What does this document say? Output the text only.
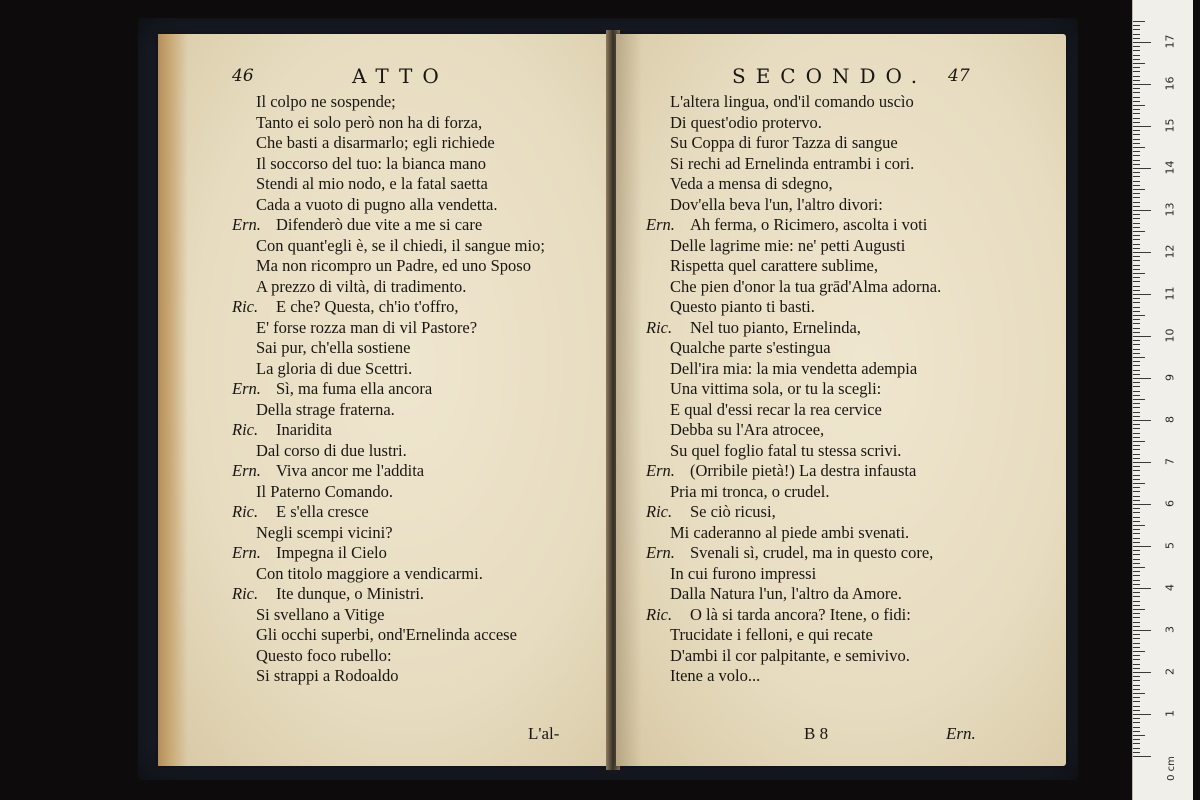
46	ATTO
Il colpo ne sospende;
Tanto ei solo però non ha di forza,
Che basti a disarmarlo; egli richiede
Il soccorso del tuo: la bianca mano
Stendi al mio nodo, e la fatal saetta
Cada a vuoto di pugno alla vendetta.
Ern. Difenderò due vite a me si care
Con quant'egli è, se il chiedi, il sangue mio;
Ma non ricompro un Padre, ed uno Sposo
A prezzo di viltà, di tradimento.
Ric. E che? Questa, ch'io t'offro,
E' forse rozza man di vil Pastore?
Sai pur, ch'ella sostiene
La gloria di due Scettri.
Ern. Sì, ma fuma ella ancora
Della strage fraterna.
Ric. Inaridita
Dal corso di due lustri.
Ern. Viva ancor me l'addita
Il Paterno Comando.
Ric. E s'ella cresce
Negli scempi vicini?
Ern. Impegna il Cielo
Con titolo maggiore a vendicarmi.
Ric. Ite dunque, o Ministri.
Si svellano a Vitige
Gli occhi superbi, ond'Ernelinda accese
Questo foco rubello:
Si strappi a Rodoaldo
L'al-
SECONDO. 47
L'altera lingua, ond'il comando uscìo
Di quest'odio protervo.
Su Coppa di furor Tazza di sangue
Si rechi ad Ernelinda entrambi i cori.
Veda a mensa di sdegno,
Dov'ella beva l'un, l'altro divori:
Ern. Ah ferma, o Ricimero, ascolta i voti
Delle lagrime mie: ne' petti Augusti
Rispetta quel carattere sublime,
Che pien d'onor la tua grād'Alma adorna.
Questo pianto ti basti.
Ric. Nel tuo pianto, Ernelinda,
Qualche parte s'estingua
Dell'ira mia: la mia vendetta adempia
Una vittima sola, or tu la scegli:
E qual d'essi recar la rea cervice
Debba su l'Ara atrocee,
Su quel foglio fatal tu stessa scrivi.
Ern. (Orribile pietà!) La destra infausta
Pria mi tronca, o crudel.
Ric. Se ciò ricusi,
Mi caderanno al piede ambi svenati.
Ern. Svenali sì, crudel, ma in questo core,
In cui furono impressi
Dalla Natura l'un, l'altro da Amore.
Ric. O là si tarda ancora? Itene, o fidi:
Trucidate i felloni, e qui recate
D'ambi il cor palpitante, e semivivo.
Itene a volo...
B 8	Ern.
0 cm
17
16
15
14
13
12
11
10
9
8
7
6
5
4
3
2
1
